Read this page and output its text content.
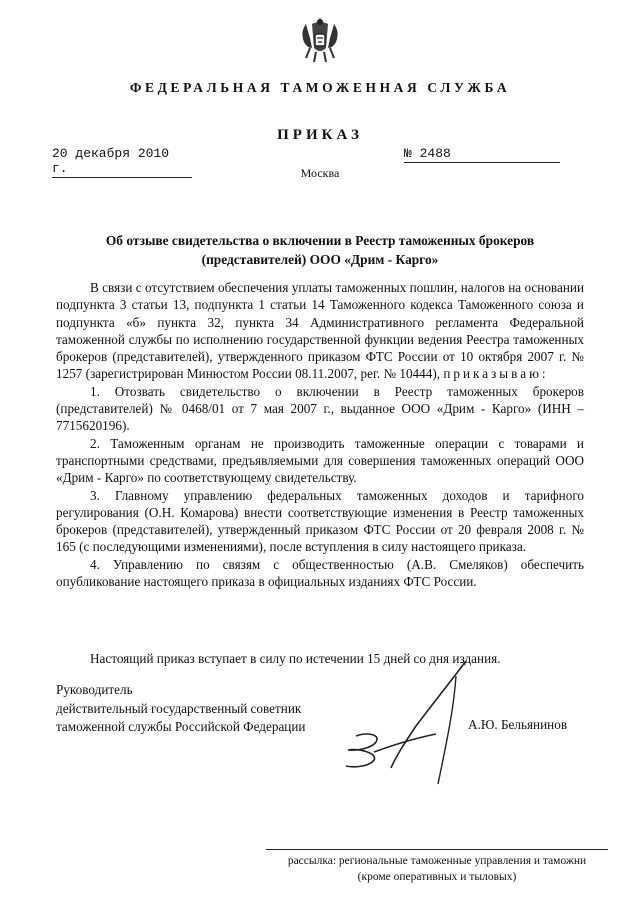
ФЕДЕРАЛЬНАЯ ТАМОЖЕННАЯ СЛУЖБА
ПРИКАЗ
20 декабря 2010 г.
№ 2488
Москва
Об отзыве свидетельства о включении в Реестр таможенных брокеров
(представителей) ООО «Дрим - Карго»

В связи с отсутствием обеспечения уплаты таможенных пошлин, налогов на основании подпункта 3 статьи 13, подпункта 1 статьи 14 Таможенного кодекса Таможенного союза и подпункта «б» пункта 32, пункта 34 Административного регламента Федеральной таможенной службы по исполнению государственной функции ведения Реестра таможенных брокеров (представителей), утвержденного приказом ФТС России от 10 октября 2007 г. № 1257 (зарегистрирован Минюстом России 08.11.2007, рег. № 10444), приказываю:

1. Отозвать свидетельство о включении в Реестр таможенных брокеров (представителей) № 0468/01 от 7 мая 2007 г., выданное ООО «Дрим - Карго» (ИНН – 7715620196).

2. Таможенным органам не производить таможенные операции с товарами и транспортными средствами, предъявляемыми для совершения таможенных операций ООО «Дрим - Карго» по соответствующему свидетельству.

3. Главному управлению федеральных таможенных доходов и тарифного регулирования (О.Н. Комарова) внести соответствующие изменения в Реестр таможенных брокеров (представителей), утвержденный приказом ФТС России от 20 февраля 2008 г. № 165 (с последующими изменениями), после вступления в силу настоящего приказа.

4. Управлению по связям с общественностью (А.В. Смеляков) обеспечить опубликование настоящего приказа в официальных изданиях ФТС России.

Настоящий приказ вступает в силу по истечении 15 дней со дня издания.
Руководитель
действительный государственный советник
таможенной службы Российской Федерации	А.Ю. Бельянинов
рассылка: региональные таможенные управления и таможни
(кроме оперативных и тыловых)
